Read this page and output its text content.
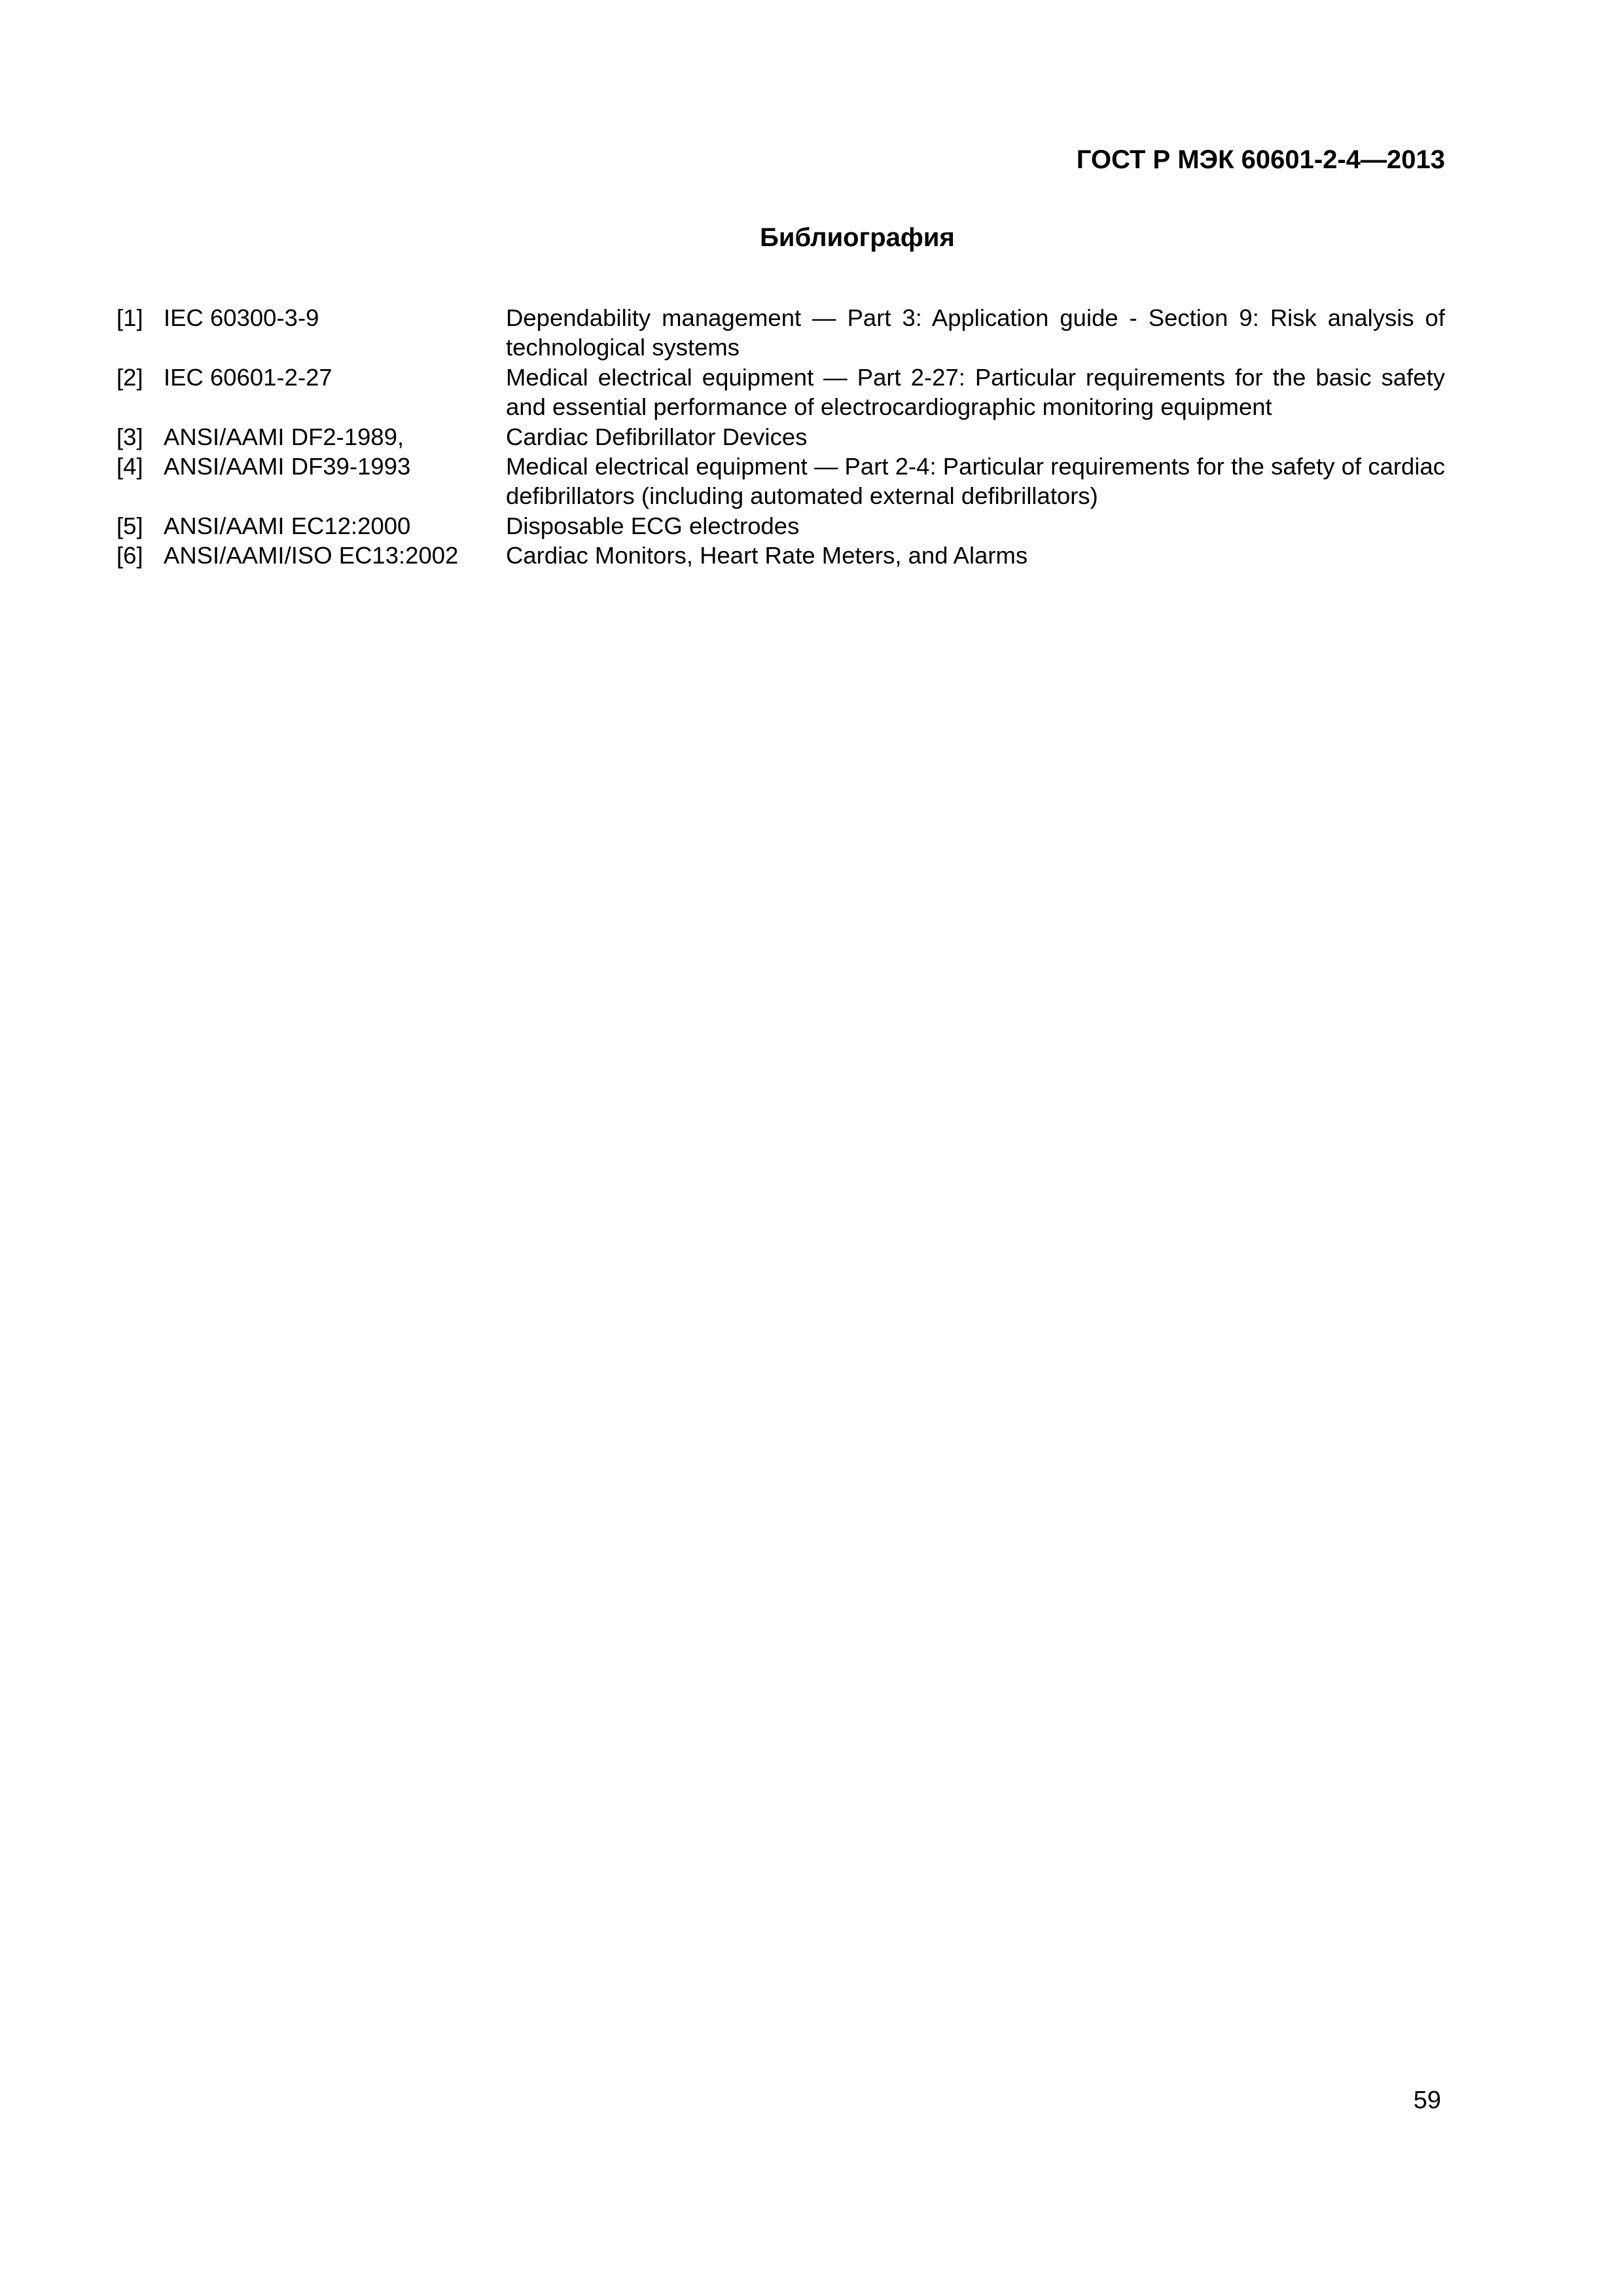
ГОСТ Р МЭК 60601-2-4—2013
Библиография
[1] IEC 60300-3-9	Dependability management — Part 3: Application guide - Section 9: Risk analysis of technological systems
[2] IEC 60601-2-27	Medical electrical equipment — Part 2-27: Particular requirements for the basic safety and essential performance of electrocardiographic monitoring equipment
[3] ANSI/AAMI DF2-1989,	Cardiac Defibrillator Devices
[4] ANSI/AAMI DF39-1993	Medical electrical equipment — Part 2-4: Particular requirements for the safety of cardiac defibrillators (including automated external defibrillators)
[5] ANSI/AAMI EC12:2000	Disposable ECG electrodes
[6] ANSI/AAMI/ISO EC13:2002	Cardiac Monitors, Heart Rate Meters, and Alarms
59
